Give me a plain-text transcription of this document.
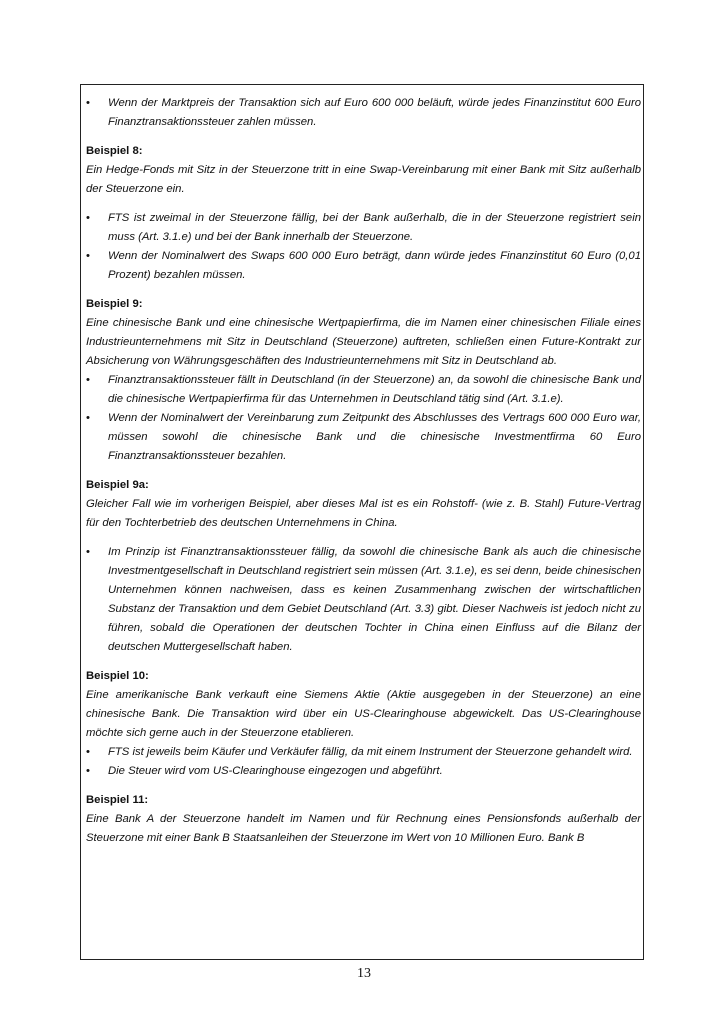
•	Wenn der Marktpreis der Transaktion sich auf Euro 600 000 beläuft, würde jedes Finanzinstitut 600 Euro Finanztransaktionssteuer zahlen müssen.
Beispiel 8:
Ein Hedge-Fonds mit Sitz in der Steuerzone tritt in eine Swap-Vereinbarung mit einer Bank mit Sitz außerhalb der Steuerzone ein.
•	FTS ist zweimal in der Steuerzone fällig, bei der Bank außerhalb, die in der Steuerzone registriert sein muss (Art. 3.1.e) und bei der Bank innerhalb der Steuerzone.
•	Wenn der Nominalwert des Swaps 600 000 Euro beträgt, dann würde jedes Finanzinstitut 60 Euro (0,01 Prozent) bezahlen müssen.
Beispiel 9:
Eine chinesische Bank und eine chinesische Wertpapierfirma, die im Namen einer chinesischen Filiale eines Industrieunternehmens mit Sitz in Deutschland (Steuerzone) auftreten, schließen einen Future-Kontrakt zur Absicherung von Währungsgeschäften des Industrieunternehmens mit Sitz in Deutschland ab.
•	Finanztransaktionssteuer fällt in Deutschland (in der Steuerzone) an, da sowohl die chinesische Bank und die chinesische Wertpapierfirma für das Unternehmen in Deutschland tätig sind (Art. 3.1.e).
•	Wenn der Nominalwert der Vereinbarung zum Zeitpunkt des Abschlusses des Vertrags 600 000 Euro war, müssen sowohl die chinesische Bank und die chinesische Investmentfirma 60 Euro Finanztransaktionssteuer bezahlen.
Beispiel 9a:
Gleicher Fall wie im vorherigen Beispiel, aber dieses Mal ist es ein Rohstoff- (wie z. B. Stahl) Future-Vertrag für den Tochterbetrieb des deutschen Unternehmens in China.
•	Im Prinzip ist Finanztransaktionssteuer fällig, da sowohl die chinesische Bank als auch die chinesische Investmentgesellschaft in Deutschland registriert sein müssen (Art. 3.1.e), es sei denn, beide chinesischen Unternehmen können nachweisen, dass es keinen Zusammenhang zwischen der wirtschaftlichen Substanz der Transaktion und dem Gebiet Deutschland (Art. 3.3) gibt. Dieser Nachweis ist jedoch nicht zu führen, sobald die Operationen der deutschen Tochter in China einen Einfluss auf die Bilanz der deutschen Muttergesellschaft haben.
Beispiel 10:
Eine amerikanische Bank verkauft eine Siemens Aktie (Aktie ausgegeben in der Steuerzone) an eine chinesische Bank. Die Transaktion wird über ein US-Clearinghouse abgewickelt. Das US-Clearinghouse möchte sich gerne auch in der Steuerzone etablieren.
•	FTS ist jeweils beim Käufer und Verkäufer fällig, da mit einem Instrument der Steuerzone gehandelt wird.
•	Die Steuer wird vom US-Clearinghouse eingezogen und abgeführt.
Beispiel 11:
Eine Bank A der Steuerzone handelt im Namen und für Rechnung eines Pensionsfonds außerhalb der Steuerzone mit einer Bank B Staatsanleihen der Steuerzone im Wert von 10 Millionen Euro. Bank B
13
